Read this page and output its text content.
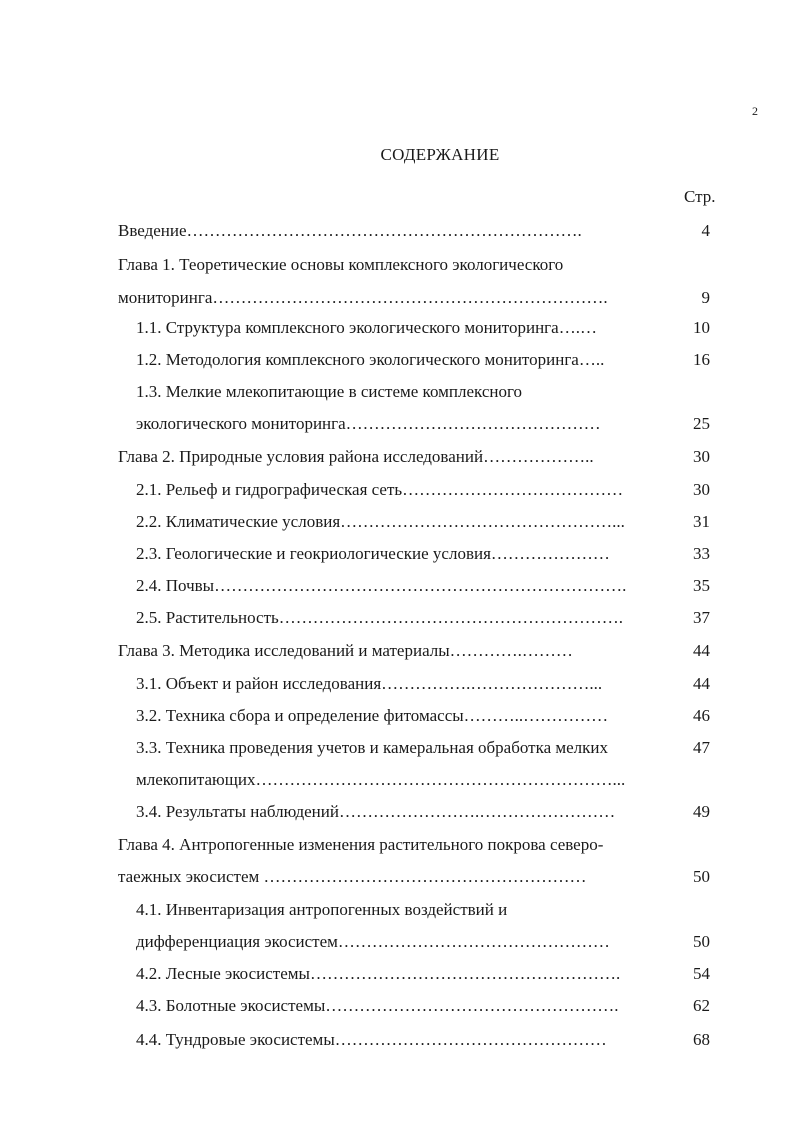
2
СОДЕРЖАНИЕ
Стр.
Введение…………………………………………………………….	4
Глава 1. Теоретические основы комплексного экологического
мониторинга…………………………………………………………….	9
1.1. Структура комплексного экологического мониторинга….…	10
1.2. Методология комплексного экологического мониторинга…..	16
1.3. Мелкие млекопитающие в системе комплексного
экологического мониторинга………………………………………	25
Глава 2. Природные условия района исследований………………..	30
2.1. Рельеф и гидрографическая сеть…………………………………	30
2.2. Климатические условия…………………………………………...	31
2.3. Геологические и геокриологические условия…………………	33
2.4. Почвы……………………………………………………………….	35
2.5. Растительность…………………………………………………….	37
Глава 3. Методика исследований и материалы………….………	44
3.1. Объект и район исследования…………….…………………...	44
3.2. Техника сбора и определение фитомассы………..……………	46
3.3. Техника проведения учетов и камеральная обработка мелких	47
млекопитающих………………………………………………………...
3.4. Результаты наблюдений…………………….……………………	49
Глава 4. Антропогенные изменения растительного покрова северо-
таежных экосистем …………………………………………………	50
4.1. Инвентаризация антропогенных воздействий и
дифференциация экосистем…………………………………………	50
4.2. Лесные экосистемы……………………………………………….	54
4.3. Болотные экосистемы…………………………………………….	62
4.4. Тундровые экосистемы…………………………………………	68
